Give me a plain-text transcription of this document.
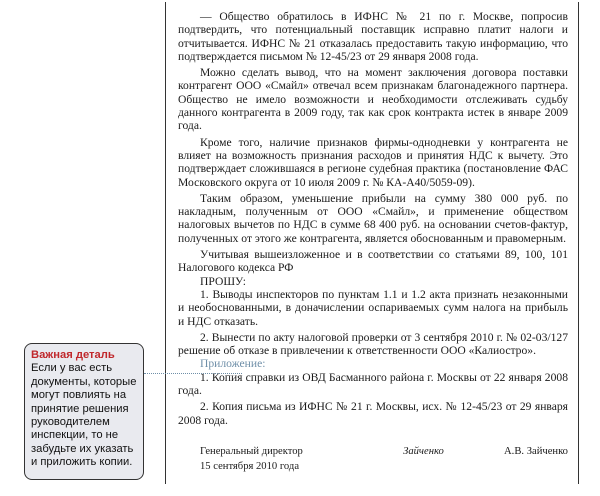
— Общество обратилось в ИФНС № 21 по г. Москве, попросив подтвердить, что потенциальный поставщик исправно платит налоги и отчитывается. ИФНС № 21 отказалась предоставить такую информацию, что подтверждается письмом № 12-45/23 от 29 января 2008 года.

Можно сделать вывод, что на момент заключения договора поставки контрагент ООО «Смайл» отвечал всем признакам благонадежного партнера. Общество не имело возможности и необходимости отслеживать судьбу данного контрагента в 2009 году, так как срок контракта истек в январе 2009 года.

Кроме того, наличие признаков фирмы-однодневки у контрагента не влияет на возможность признания расходов и принятия НДС к вычету. Это подтверждает сложившаяся в регионе судебная практика (постановление ФАС Московского округа от 10 июля 2009 г. № КА-А40/5059-09).

Таким образом, уменьшение прибыли на сумму 380 000 руб. по накладным, полученным от ООО «Смайл», и применение обществом налоговых вычетов по НДС в сумме 68 400 руб. на основании счетов-фактур, полученных от этого же контрагента, является обоснованным и правомерным.

Учитывая вышеизложенное и в соответствии со статьями 89, 100, 101 Налогового кодекса РФ

ПРОШУ:

1. Выводы инспекторов по пунктам 1.1 и 1.2 акта признать незаконными и необоснованными, в доначислении оспариваемых сумм налога на прибыль и НДС отказать.

2. Вынести по акту налоговой проверки от 3 сентября 2010 г. № 02-03/127 решение об отказе в привлечении к ответственности ООО «Калиостро».

Приложение:

1. Копия справки из ОВД Басманного района г. Москвы от 22 января 2008 года.

2. Копия письма из ИФНС № 21 г. Москвы, исх. № 12-45/23 от 29 января 2008 года.

Генеральный директор	Зайченко	А.В. Зайченко

15 сентября 2010 года

Важная деталь
Если у вас есть документы, которые могут повлиять на принятие решения руководителем инспекции, то не забудьте их указать и приложить копии.
